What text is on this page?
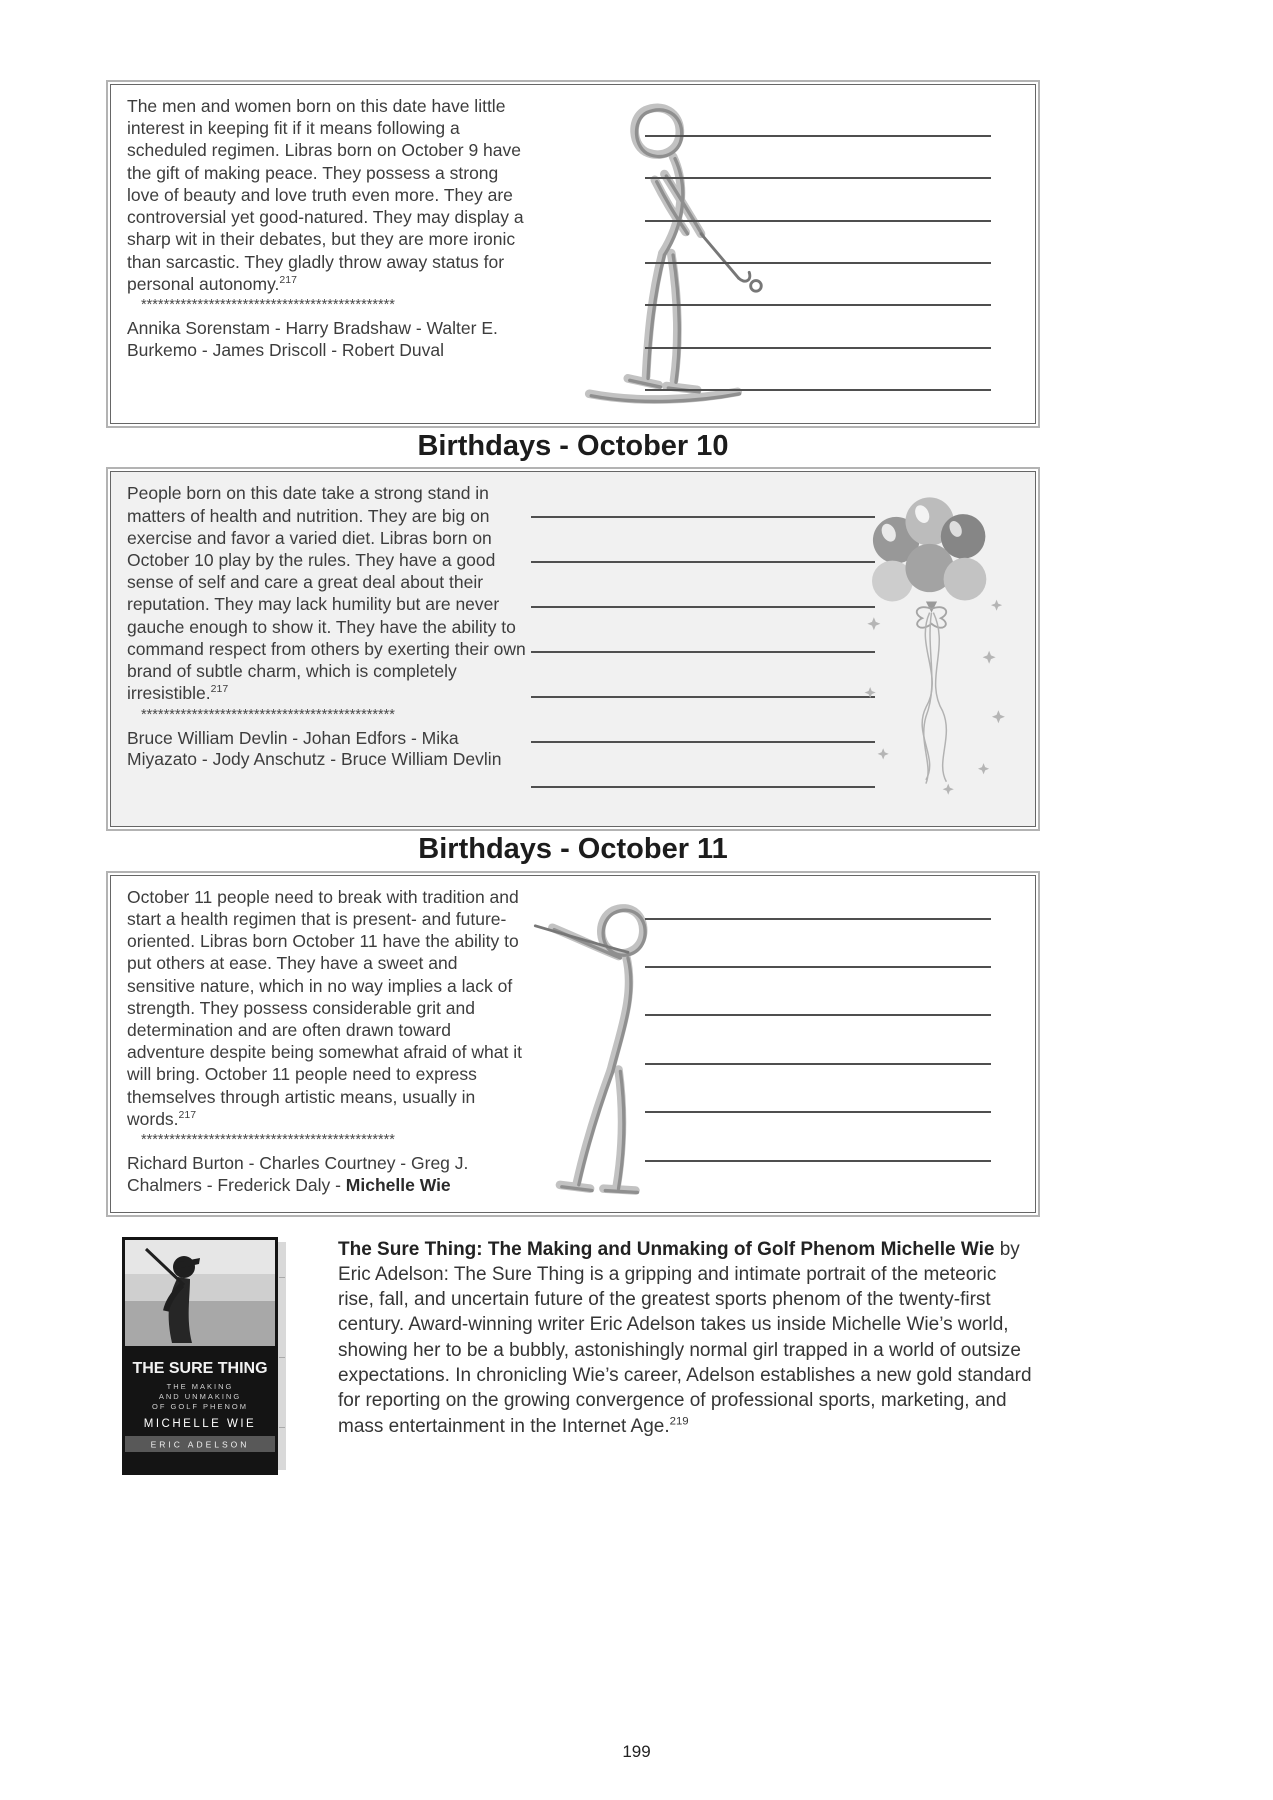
The men and women born on this date have little interest in keeping fit if it means following a scheduled regimen. Libras born on October 9 have the gift of making peace. They possess a strong love of beauty and love truth even more. They are controversial yet good-natured. They may display a sharp wit in their debates, but they are more ironic than sarcastic. They gladly throw away status for personal autonomy.$^{217}$

*********************************************

Annika Sorenstam - Harry Bradshaw - Walter E. Burkemo - James Driscoll - Robert Duval

Birthdays - October 10

People born on this date take a strong stand in matters of health and nutrition. They are big on exercise and favor a varied diet. Libras born on October 10 play by the rules. They have a good sense of self and care a great deal about their reputation. They may lack humility but are never gauche enough to show it. They have the ability to command respect from others by exerting their own brand of subtle charm, which is completely irresistible.$^{217}$

*********************************************

Bruce William Devlin - Johan Edfors - Mika Miyazato - Jody Anschutz - Bruce William Devlin

Birthdays - October 11

October 11 people need to break with tradition and start a health regimen that is present- and future-oriented. Libras born October 11 have the ability to put others at ease. They have a sweet and sensitive nature, which in no way implies a lack of strength. They possess considerable grit and determination and are often drawn toward adventure despite being somewhat afraid of what it will bring. October 11 people need to express themselves through artistic means, usually in words.$^{217}$

*********************************************

Richard Burton - Charles Courtney - Greg J. Chalmers - Frederick Daly - Michelle Wie

THE SURE THING
THE MAKING
AND UNMAKING
OF GOLF PHENOM
MICHELLE WIE
ERIC ADELSON

The Sure Thing: The Making and Unmaking of Golf Phenom Michelle Wie by Eric Adelson: The Sure Thing is a gripping and intimate portrait of the meteoric rise, fall, and uncertain future of the greatest sports phenom of the twenty-first century. Award-winning writer Eric Adelson takes us inside Michelle Wie’s world, showing her to be a bubbly, astonishingly normal girl trapped in a world of outsize expectations. In chronicling Wie’s career, Adelson establishes a new gold standard for reporting on the growing convergence of professional sports, marketing, and mass entertainment in the Internet Age.$^{219}$

199
